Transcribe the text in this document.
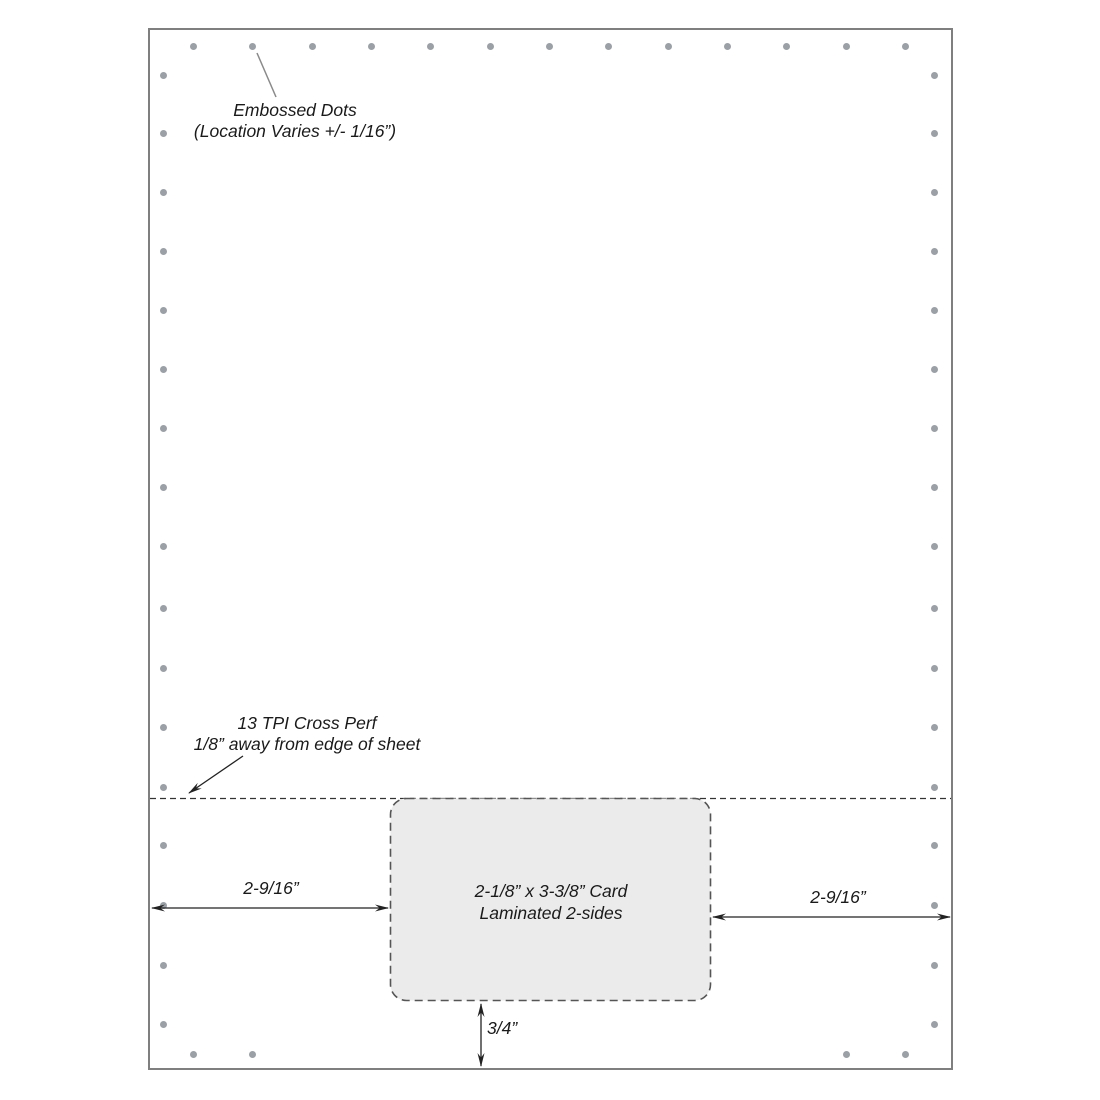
Embossed Dots
(Location Varies +/- 1/16”)
13 TPI Cross Perf
1/8” away from edge of sheet
2-1/8” x 3-3/8” Card
Laminated 2-sides
2-9/16”	2-9/16”
3/4”
